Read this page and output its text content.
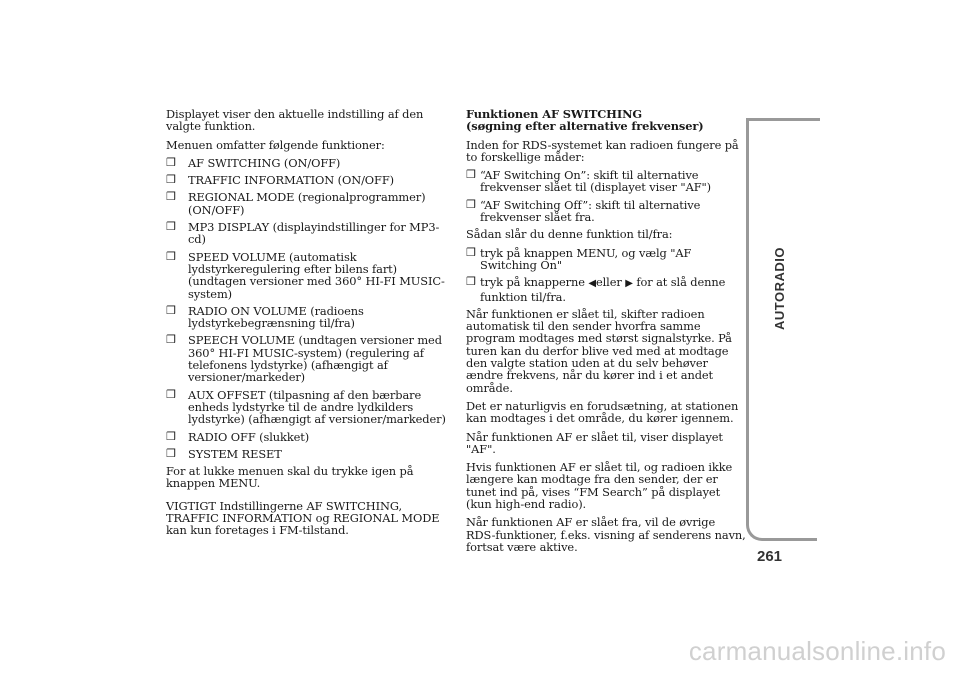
Displayet viser den aktuelle indstilling af den valgte funktion.

Menuen omfatter følgende funktioner:

❒ AF SWITCHING (ON/OFF)
❒ TRAFFIC INFORMATION (ON/OFF)
❒ REGIONAL MODE (regionalprogrammer) (ON/OFF)
❒ MP3 DISPLAY (displayindstillinger for MP3-cd)
❒ SPEED VOLUME (automatisk lydstyrkeregulering efter bilens fart) (undtagen versioner med 360° HI-FI MUSIC-system)
❒ RADIO ON VOLUME (radioens lydstyrkebegrænsning til/fra)
❒ SPEECH VOLUME (undtagen versioner med 360° HI-FI MUSIC-system) (regulering af telefonens lydstyrke) (afhængigt af versioner/markeder)
❒ AUX OFFSET (tilpasning af den bærbare enheds lydstyrke til de andre lydkilders lydstyrke) (afhængigt af versioner/markeder)
❒ RADIO OFF (slukket)
❒ SYSTEM RESET

For at lukke menuen skal du trykke igen på knappen MENU.

VIGTIGT Indstillingerne AF SWITCHING, TRAFFIC INFORMATION og REGIONAL MODE kan kun foretages i FM-tilstand.

Funktionen AF SWITCHING
(søgning efter alternative frekvenser)

Inden for RDS-systemet kan radioen fungere på to forskellige måder:

❒ “AF Switching On”: skift til alternative frekvenser slået til (displayet viser "AF")
❒ “AF Switching Off”: skift til alternative frekvenser slået fra.

Sådan slår du denne funktion til/fra:

❒ tryk på knappen MENU, og vælg "AF Switching On"
❒ tryk på knapperne ◀eller ▶ for at slå denne funktion til/fra.

Når funktionen er slået til, skifter radioen automatisk til den sender hvorfra samme program modtages med størst signalstyrke. På turen kan du derfor blive ved med at modtage den valgte station uden at du selv behøver ændre frekvens, når du kører ind i et andet område.

Det er naturligvis en forudsætning, at stationen kan modtages i det område, du kører igennem.

Når funktionen AF er slået til, viser displayet "AF".

Hvis funktionen AF er slået til, og radioen ikke længere kan modtage fra den sender, der er tunet ind på, vises “FM Search” på displayet (kun high-end radio).

Når funktionen AF er slået fra, vil de øvrige RDS-funktioner, f.eks. visning af senderens navn, fortsat være aktive.

AUTORADIO
261
carmanualsonline.info
